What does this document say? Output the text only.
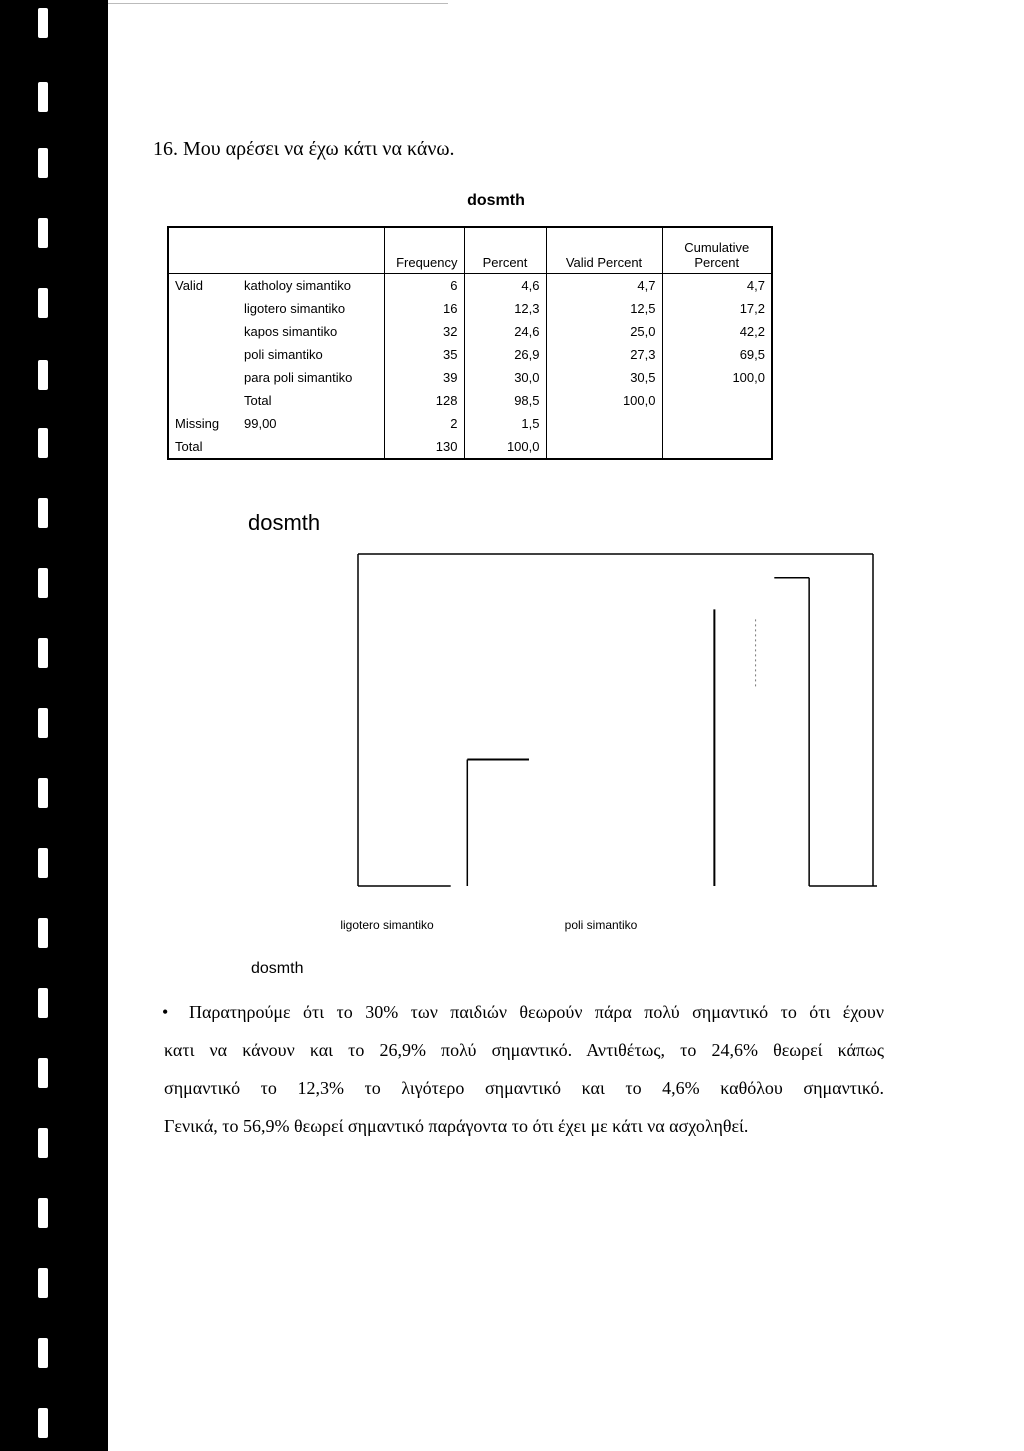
16. Μου αρέσει να έχω κάτι να κάνω.
dosmth
		Frequency	Percent	Valid Percent	Cumulative
Percent
Valid	katholoy simantiko	6	4,6	4,7	4,7
	ligotero simantiko	16	12,3	12,5	17,2
	kapos simantiko	32	24,6	25,0	42,2
	poli simantiko	35	26,9	27,3	69,5
	para poli simantiko	39	30,0	30,5	100,0
	Total	128	98,5	100,0	
Missing	99,00	2	1,5		
Total		130	100,0		
dosmth
ligotero simantiko	poli simantiko
dosmth
•	Παρατηρούμε ότι το 30% των παιδιών θεωρούν πάρα πολύ σημαντικό το ότι έχουν

κατι να κάνουν και το 26,9% πολύ σημαντικό. Αντιθέτως, το 24,6% θεωρεί κάπως

σημαντικό το 12,3% το λιγότερο σημαντικό και το 4,6% καθόλου σημαντικό.

Γενικά, το 56,9% θεωρεί σημαντικό παράγοντα το ότι έχει με κάτι να ασχοληθεί.
